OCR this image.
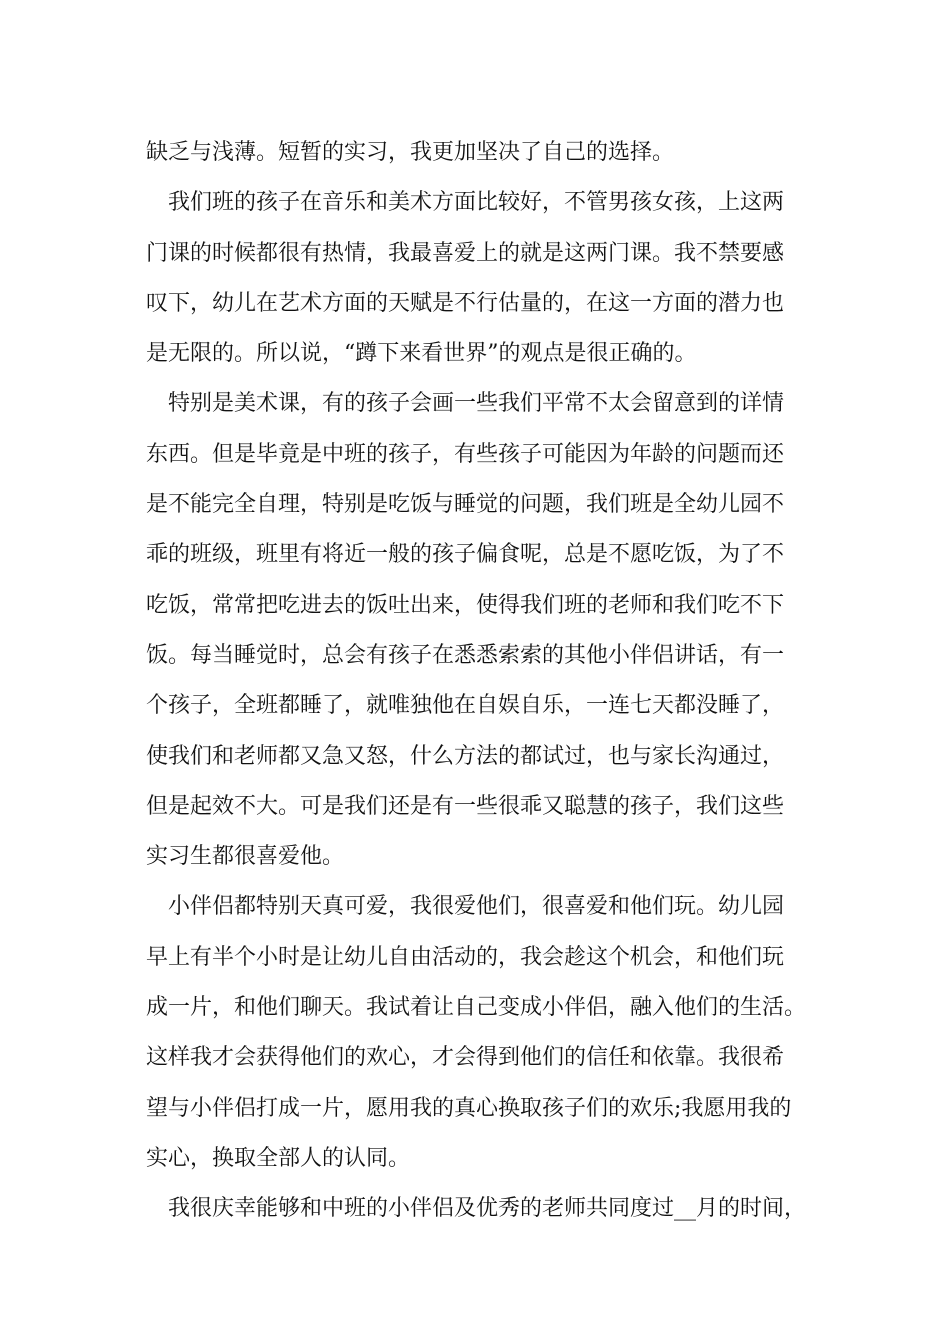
缺乏与浅薄。短暂的实习，我更加坚决了自己的选择。
我们班的孩子在音乐和美术方面比较好，不管男孩女孩，上这两
门课的时候都很有热情，我最喜爱上的就是这两门课。我不禁要感
叹下，幼儿在艺术方面的天赋是不行估量的，在这一方面的潜力也
是无限的。所以说，“蹲下来看世界”的观点是很正确的。
特别是美术课，有的孩子会画一些我们平常不太会留意到的详情
东西。但是毕竟是中班的孩子，有些孩子可能因为年龄的问题而还
是不能完全自理，特别是吃饭与睡觉的问题，我们班是全幼儿园不
乖的班级，班里有将近一般的孩子偏食呢，总是不愿吃饭，为了不
吃饭，常常把吃进去的饭吐出来，使得我们班的老师和我们吃不下
饭。每当睡觉时，总会有孩子在悉悉索索的其他小伴侣讲话，有一
个孩子，全班都睡了，就唯独他在自娱自乐，一连七天都没睡了，
使我们和老师都又急又怒，什么方法的都试过，也与家长沟通过，
但是起效不大。可是我们还是有一些很乖又聪慧的孩子，我们这些
实习生都很喜爱他。
小伴侣都特别天真可爱，我很爱他们，很喜爱和他们玩。幼儿园
早上有半个小时是让幼儿自由活动的，我会趁这个机会，和他们玩
成一片，和他们聊天。我试着让自己变成小伴侣，融入他们的生活。
这样我才会获得他们的欢心，才会得到他们的信任和依靠。我很希
望与小伴侣打成一片，愿用我的真心换取孩子们的欢乐;我愿用我的
实心，换取全部人的认同。
我很庆幸能够和中班的小伴侣及优秀的老师共同度过__月的时间，
